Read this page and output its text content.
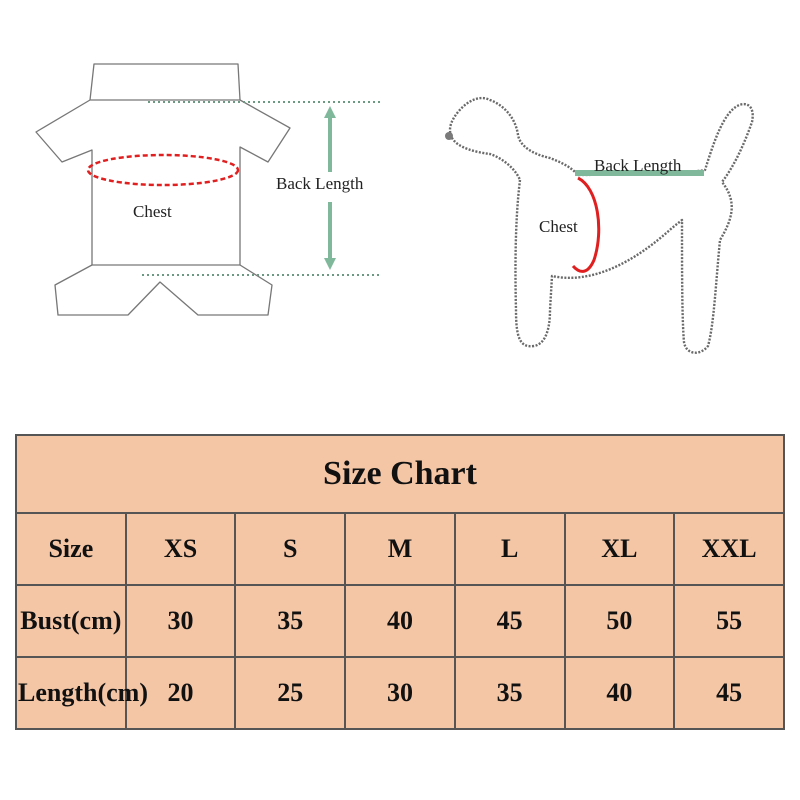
Chest
Back Length
Back Length
Chest
Size Chart						
Size	XS	S	M	L	XL	XXL
Bust(cm)	30	35	40	45	50	55
Length(cm)	20	25	30	35	40	45
